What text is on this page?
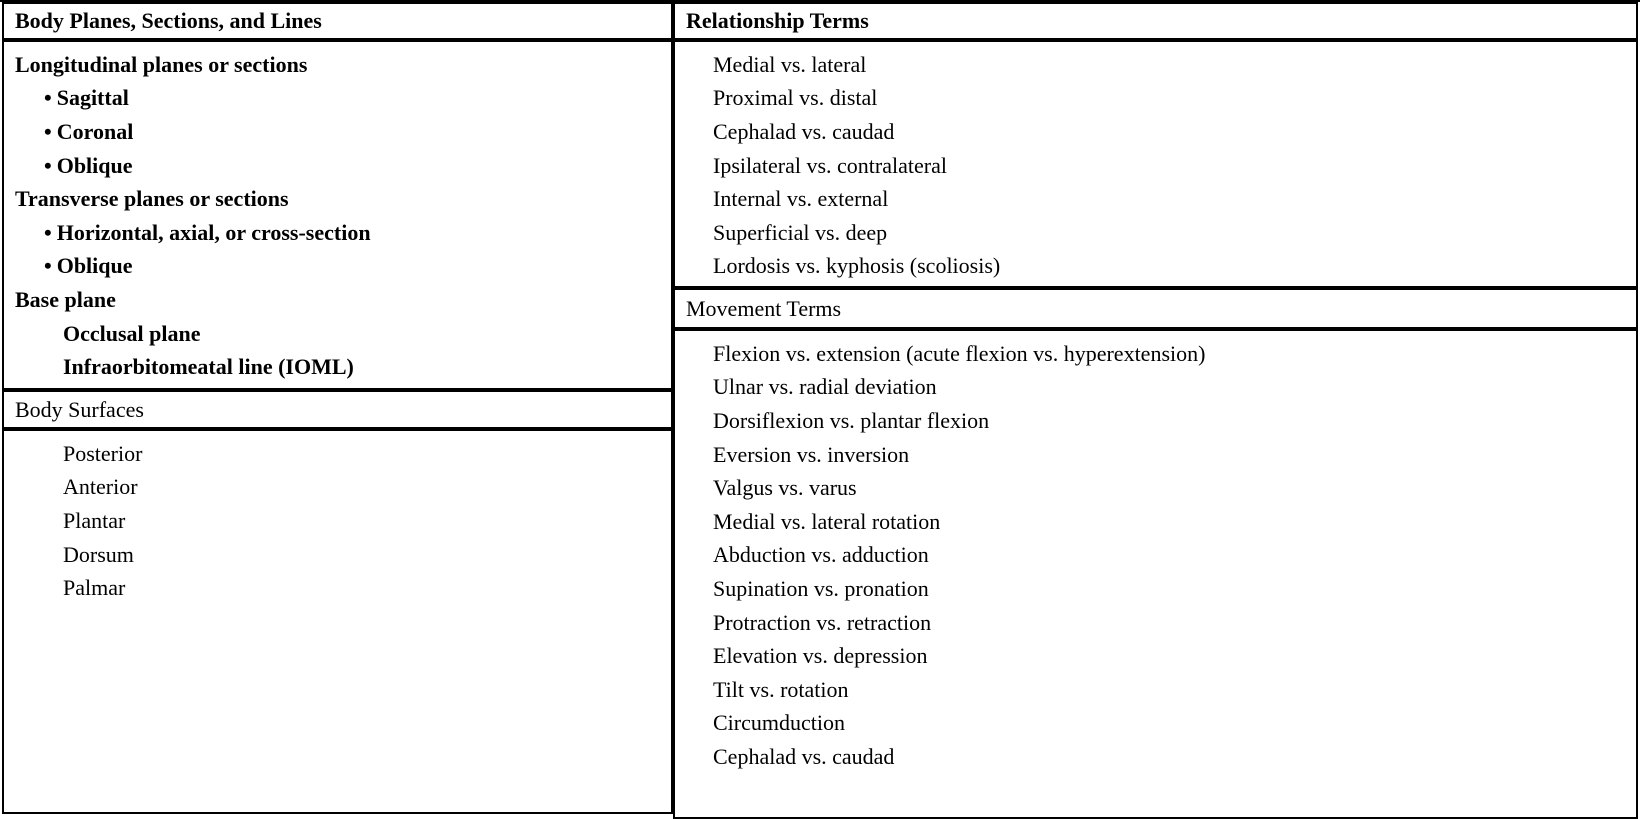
Body Planes, Sections, and Lines
Longitudinal planes or sections
• Sagittal
• Coronal
• Oblique
Transverse planes or sections
• Horizontal, axial, or cross-section
• Oblique
Base plane
Occlusal plane
Infraorbitomeatal line (IOML)
Body Surfaces
Posterior
Anterior
Plantar
Dorsum
Palmar
Relationship Terms
Medial vs. lateral
Proximal vs. distal
Cephalad vs. caudad
Ipsilateral vs. contralateral
Internal vs. external
Superficial vs. deep
Lordosis vs. kyphosis (scoliosis)
Movement Terms
Flexion vs. extension (acute flexion vs. hyperextension)
Ulnar vs. radial deviation
Dorsiflexion vs. plantar flexion
Eversion vs. inversion
Valgus vs. varus
Medial vs. lateral rotation
Abduction vs. adduction
Supination vs. pronation
Protraction vs. retraction
Elevation vs. depression
Tilt vs. rotation
Circumduction
Cephalad vs. caudad
